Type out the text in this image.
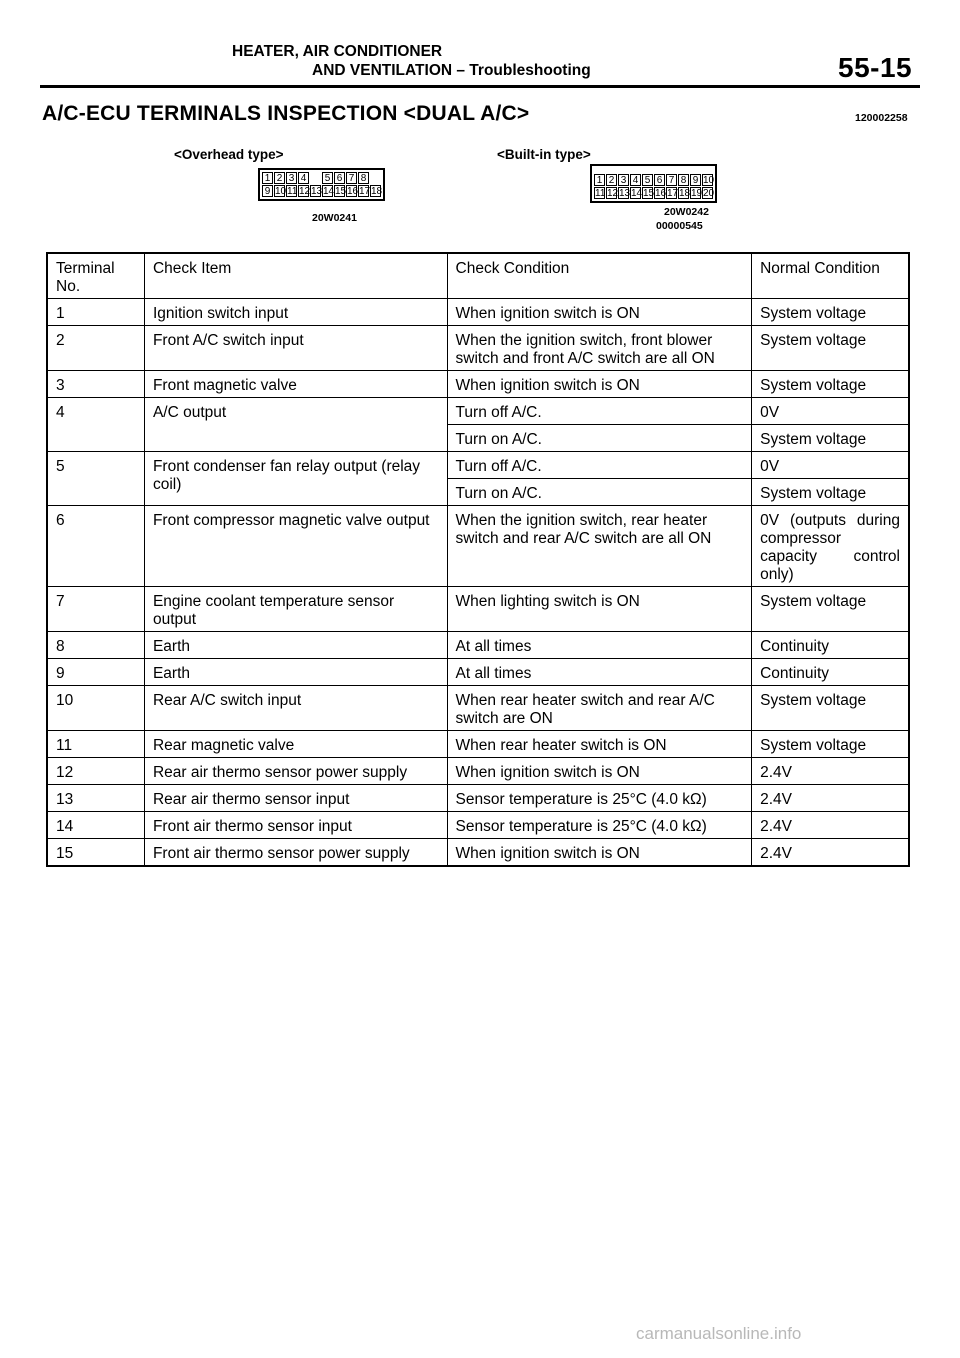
HEATER, AIR CONDITIONER
AND VENTILATION – Troubleshooting	55-15
A/C-ECU TERMINALS INSPECTION <DUAL A/C>	120002258
<Overhead type>
1 2 3 4 5 6 7 8
9 10 11 12 13 14 15 16 17 18
20W0241
<Built-in type>
1 2 3 4 5 6 7 8 9 10
11 12 13 14 15 16 17 18 19 20
20W0242
00000545
Terminal No.	Check Item	Check Condition	Normal Condition
1	Ignition switch input	When ignition switch is ON	System voltage
2	Front A/C switch input	When the ignition switch, front blower switch and front A/C switch are all ON	System voltage
3	Front magnetic valve	When ignition switch is ON	System voltage
4	A/C output	Turn off A/C.	0V
		Turn on A/C.	System voltage
5	Front condenser fan relay output (relay coil)	Turn off A/C.	0V
		Turn on A/C.	System voltage
6	Front compressor magnetic valve output	When the ignition switch, rear heater switch and rear A/C switch are all ON	0V (outputs during compressor capacity control only)
7	Engine coolant temperature sensor output	When lighting switch is ON	System voltage
8	Earth	At all times	Continuity
9	Earth	At all times	Continuity
10	Rear A/C switch input	When rear heater switch and rear A/C switch are ON	System voltage
11	Rear magnetic valve	When rear heater switch is ON	System voltage
12	Rear air thermo sensor power supply	When ignition switch is ON	2.4V
13	Rear air thermo sensor input	Sensor temperature is 25°C (4.0 kΩ)	2.4V
14	Front air thermo sensor input	Sensor temperature is 25°C (4.0 kΩ)	2.4V
15	Front air thermo sensor power supply	When ignition switch is ON	2.4V
carmanualsonline.info
